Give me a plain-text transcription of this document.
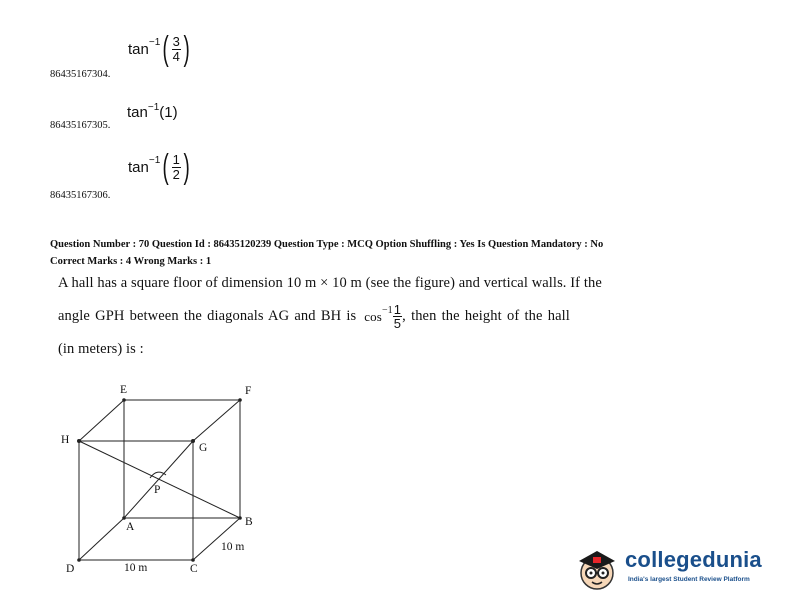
tan −1 ( $\frac{3}{4}$ )
86435167304.
$\tan^{-1}(1)$
86435167305.
tan −1 ( $\frac{1}{2}$ )
86435167306.
Question Number : 70 Question Id : 86435120239 Question Type : MCQ Option Shuffling : Yes Is Question Mandatory : No
Correct Marks : 4 Wrong Marks : 1
A hall has a square floor of dimension 10 m × 10 m (see the figure) and vertical walls. If the
angle GPH between the diagonals AG and BH is $\cos -1 \frac{1}{5}$ , then the height of the hall
(in meters) is :
E	F
H
G
P
A	B
D	C
10 m
10 m	collegedunia
India's largest Student Review Platform
